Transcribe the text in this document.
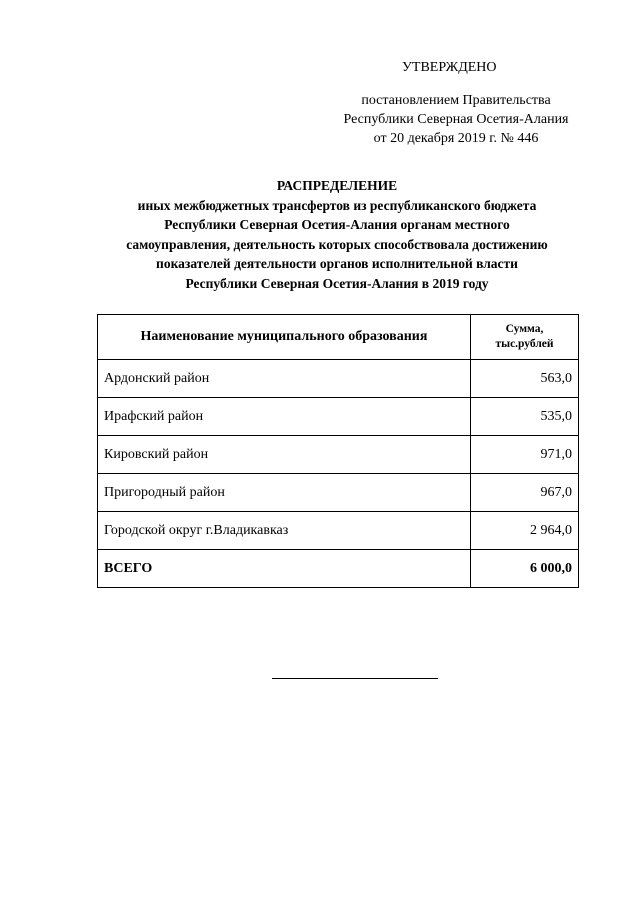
УТВЕРЖДЕНО
постановлением Правительства
Республики Северная Осетия-Алания
от 20 декабря 2019 г. № 446
РАСПРЕДЕЛЕНИЕ
иных межбюджетных трансфертов из республиканского бюджета
Республики Северная Осетия-Алания органам местного
самоуправления, деятельность которых способствовала достижению
показателей деятельности органов исполнительной власти
Республики Северная Осетия-Алания в 2019 году
Наименование муниципального образования	Сумма,
тыс.рублей

Ардонский район	563,0
Ирафский район	535,0
Кировский район	971,0
Пригородный район	967,0
Городской округ г.Владикавказ	2 964,0
ВСЕГО	6 000,0
